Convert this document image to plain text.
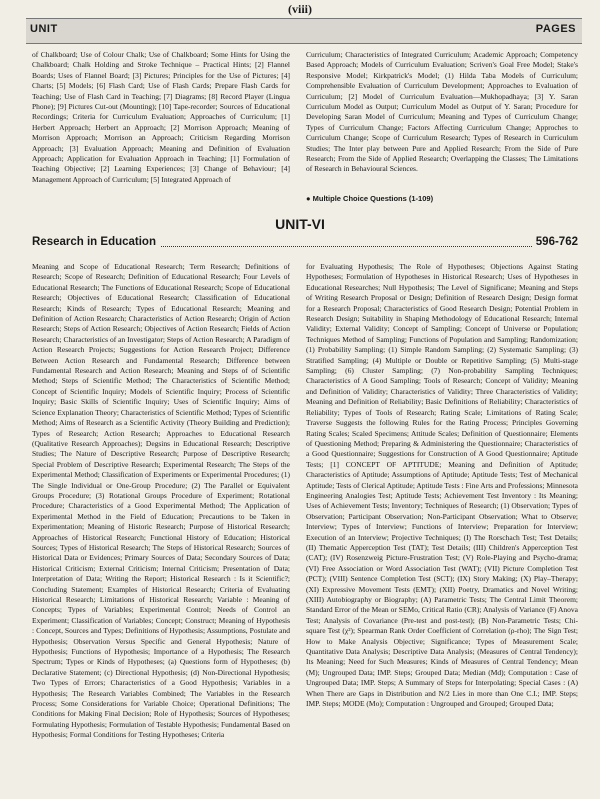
(viii)
UNIT	PAGES
of Chalkboard; Use of Colour Chalk; Use of Chalkboard; Some Hints for Using the Chalkboard; Chalk Holding and Stroke Technique – Practical Hints; [2] Flannel Boards; Uses of Flannel Board; [3] Pictures; Principles for the Use of Pictures; [4] Charts; [5] Models; [6] Flash Card; Use of Flash Cards; Prepare Flash Cards for Teaching; Use of Flash Card in Teaching; [7] Diagrams; [8] Record Player (Lingua Phone); [9] Pictures Cut-out (Mounting); [10] Tape-recorder; Sources of Educational Recordings; Criteria for Curriculum Evaluation; Approaches of Curriculum; [1] Herbert Approach; Herbert an Approach; [2] Morrison Approach; Meaning of Morrison Approach; Morrison an Approach; Criticism Regarding Morrison Approach; [3] Evaluation Approach; Meaning and Definition of Evaluation Approach; Application for Evaluation Approach in Teaching; [1] Formulation of Teaching Objective; [2] Learning Experiences; [3] Change of Behaviour; [4] Management Approach of Curriculum; [5] Integrated Approach of
Curriculum; Characteristics of Integrated Curriculum; Academic Approach; Competency Based Approach; Models of Curriculum Evaluation; Scriven's Goal Free Model; Stake's Responsive Model; Kirkpatrick's Model; (1) Hilda Taba Models of Curriculum; Comprehensible Evaluation of Curriculum Development; Approaches to Evaluation of Curriculum; [2] Model of Curriculum Evaluation—Mukhopadhaya; [3] Y. Saran Curriculum Model as Output; Curriculum Model as Output of Y. Saran; Procedure for Developing Saran Model of Curriculum; Meaning and Types of Curriculum Change; Types of Curriculum Change; Factors Affecting Curriculum Change; Approches to Curriculum Change; Scope of Curriculum Research; Types of Research in Curriculum Studies; The Inter play between Pure and Applied Research; From the Side of Pure Research; From the Side of Applied Research; Overlapping the Classes; The Limitations of Research in Behavioural Sciences.
● Multiple Choice Questions (1-109)
UNIT-VI
Research in Education	596-762
Meaning and Scope of Educational Research; Term Research; Definitions of Research; Scope of Research; Definition of Educational Research; Four Levels of Educational Research; The Functions of Educational Research; Scope of Educational Research; Objectives of Educational Research; Classification of Educational Research; Kinds of Research; Types of Educational Research; Meaning and Definition of Action Research; Characteristics of Action Research; Origin of Action Research; Steps of Action Research; Objectives of Action Research; Fields of Action Research; Characteristics of an Investigator; Steps of Action Research; A Paradigm of Action Research Projects; Suggestions for Action Research Project; Difference Between Action Research and Fundamental Research; Difference between Fundamental Research and Action Research; Meaning and Steps of of Scientific Method; Steps of Scientific Method; The Characteristics of Scientific Method; Concept of Scientific Inquiry; Models of Scientific Inquiry; Process of Scientific Inquiry; Basic Skills of Scientific Inquiry; Uses of Scientific Inquiry; Aims of Science Explanation Theory; Characteristics of Scientific Method; Types of Scientific Method; Aims of Research as a Scientific Activity (Theory Building and Prediction); Types of Research; Action Research; Approaches to Educational Research (Qualitative Research Approaches); Degsins in Educational Research; Descriptive Studies; The Nature of Descriptive Research; Purpose of Descriptive Research; Special Problem of Descriptive Research; Experimental Research; The Steps of the Experimental Method; Classification of Experiments or Experimental Procedures; (1) The Single Individual or One-Group Procedure; (2) The Parallel or Equivalent Groups Procedure; (3) Rotational Groups Procedure of Experiment; Rotational Procedure; Characteristics of a Good Experimental Method; The Application of Experimental Method in the Field of Education; Precautions to be Taken in Experimentation; Meaning of Historic Research; Purpose of Historical Research; Approaches of Historical Research; Functional History of Education; Historical Sources; Types of Historical Research; The Steps of Historical Research; Sources of Historical Data or Evidences; Primary Sources of Data; Secondary Sources of Data; Historical Criticism; External Criticism; Internal Criticism; Presentation of Data; Interpretation of Data; Writing the Report; Historical Research : Is it Scientific?; Concluding Statement; Examples of Historical Research; Criteria of Evaluating Historical Research; Limitations of Historical Research; Variable : Meaning of Concepts; Types of Variables; Experimental Control; Needs of Control an Experiment; Classification of Variables; Concept; Construct; Meaning of Hypothesis : Concept, Sources and Types; Definitions of Hypothesis; Assumptions, Postulate and Hypothesis; Observation Versus Specific and General Hypothesis; Nature of Hypothesis; Functions of Hypothesis; Importance of a Hypothesis; The Research Spectrum; Types or Kinds of Hypotheses; (a) Questions form of Hypotheses; (b) Declarative Statement; (c) Directional Hypothesis; (d) Non-Directional Hypothesis; Two Types of Errors; Characteristics of a Good Hypothesis; Variables in a Hypothesis; The Research Variables Combined; The Variables in the Research Process; Some Considerations for Variable Choice; Operational Definitions; The Conditions for Making Final Decision; Role of Hypothesis; Sources of Hypotheses; Formulating Hypothesis; Formulation of Testable Hypothesis; Fundamental Based on Hypothesis; Formal Conditions for Testing Hypotheses; Criteria
for Evaluating Hypothesis; The Role of Hypotheses; Objections Against Stating Hypotheses; Formulation of Hypotheses in Historical Research; Uses of Hypotheses in Educational Researches; Null Hypothesis; The Level of Significane; Meaning and Steps of Writing Research Proposal or Design; Definition of Research Design; Design format for a Research Proposal; Characteristics of Good Research Design; Potential Problem in Research Design; Suitability in Shaping Methodology of Educational Research; Internal Validity; External Validity; Concept of Sampling; Concept of Universe or Population; Techniques Method of Sampling; Functions of Population and Sampling; Randomization; (1) Probability Sampling; (1) Simple Random Sampling; (2) Systematic Sampling; (3) Stratified Sampling; (4) Multiple or Double or Repetitive Sampling; (5) Multi-stage Sampling; (6) Cluster Sampling; (7) Non-probability Sampling Techniques; Characteristics of A Good Sampling; Tools of Research; Concept of Validity; Meaning and Definition of Validity; Characteristics of Validity; Three Characteristics of Validity; Meaning and Definition of Reliability; Basic Definitions of Reliability; Characteristics of Reliability; Types of Tools of Research; Rating Scale; Limitations of Rating Scale; Traverse Suggests the following Rules for the Rating Process; Principles Governing Rating Scales; Scaled Specimens; Attitude Scales; Definition of Questionnaire; Elements of Questioning Method; Preparing & Administering the Questionnaire; Characteristics of a Good Questionnaire; Suggestions for Construction of A Good Questionnaire; Aptitude Tests; [1] CONCEPT OF APTITUDE; Meaning and Definition of Aptitude; Characteristics of Aptitude; Assumptions of Aptitude; Aptitude Tests; Test of Mechanical Aptitude; Tests of Clerical Aptitude; Aptitude Tests : Fine Arts and Professions; Minnesota Engineering Analogies Test; Aptitude Tests; Achievement Test Inventory : Its Meaning; Uses of Achievement Tests; Inventory; Techniques of Research; (1) Observation; Types of Observation; Participant Observation; Non-Participant Observation; What to Observe; Interview; Types of Interview; Functions of Interview; Preparation for Interview; Execution of an Interview; Projective Techniques; (I) The Rorschach Test; Test Details; (II) Thematic Apperception Test (TAT); Test Details; (III) Children's Apperception Test (CAT); (IV) Rosenzweig Picture-Frustration Test; (V) Role-Playing and Psycho-drama; (VI) Free Association or Word Association Test (WAT); (VII) Picture Completion Test (PCT); (VIII) Sentence Completion Test (SCT); (IX) Story Making; (X) Play–Therapy; (XI) Expressive Movement Tests (EMT); (XII) Poetry, Dramatics and Novel Writing; (XIII) Autobiography or Biography; (A) Parametric Tests; The Central Limit Theorem; Standard Error of the Mean or SEMo, Critical Ratio (CR); Analysis of Variance (F) Anova Test; Analysis of Covariance (Pre-test and post-test); (B) Non-Parametric Tests; Chi-square Test (χ²); Spearman Rank Order Coefficient of Correlation (ρ-rho); The Sign Test; How to Make Analysis Objective; Significance; Types of Measurement Scale; Quantitative Data Analysis; Descriptive Data Analysis; (Measures of Central Tendency); Its Meaning; Need for Such Measures; Kinds of Measures of Central Tendency; Mean (M); Ungrouped Data; IMP. Steps; Grouped Data; Median (Md); Computation : Case of Ungrouped Data; IMP. Steps; A Summary of Steps for Interpolating; Special Cases : (A) When There are Gaps in Distribution and N/2 Lies in more than One C.I.; IMP. Steps; IMP. Steps; MODE (Mo); Computation : Ungrouped and Grouped; Grouped Data;
